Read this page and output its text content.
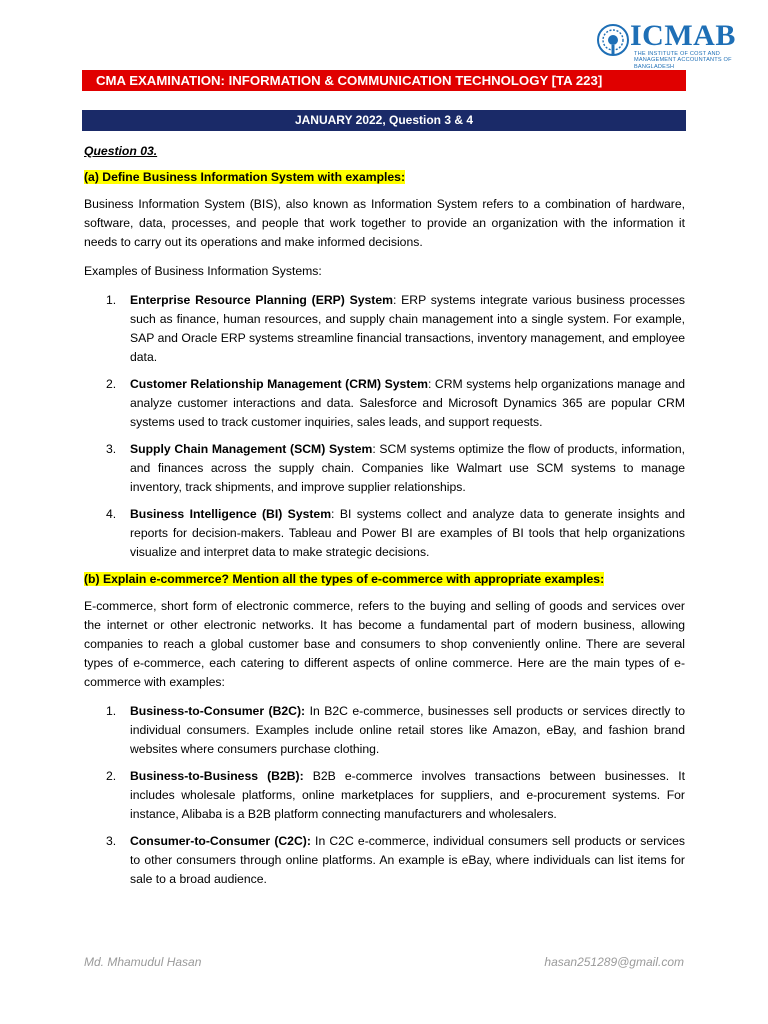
ICMAB
THE INSTITUTE OF COST AND MANAGEMENT ACCOUNTANTS OF BANGLADESH
CMA EXAMINATION: INFORMATION & COMMUNICATION TECHNOLOGY [TA 223]
JANUARY 2022, Question 3 & 4
Question 03.
(a) Define Business Information System with examples:

Business Information System (BIS), also known as Information System refers to a combination of hardware, software, data, processes, and people that work together to provide an organization with the information it needs to carry out its operations and make informed decisions.

Examples of Business Information Systems:

1.	Enterprise Resource Planning (ERP) System: ERP systems integrate various business processes such as finance, human resources, and supply chain management into a single system. For example, SAP and Oracle ERP systems streamline financial transactions, inventory management, and employee data.
2.	Customer Relationship Management (CRM) System: CRM systems help organizations manage and analyze customer interactions and data. Salesforce and Microsoft Dynamics 365 are popular CRM systems used to track customer inquiries, sales leads, and support requests.
3.	Supply Chain Management (SCM) System: SCM systems optimize the flow of products, information, and finances across the supply chain. Companies like Walmart use SCM systems to manage inventory, track shipments, and improve supplier relationships.
4.	Business Intelligence (BI) System: BI systems collect and analyze data to generate insights and reports for decision-makers. Tableau and Power BI are examples of BI tools that help organizations visualize and interpret data to make strategic decisions.
(b) Explain e-commerce? Mention all the types of e-commerce with appropriate examples:

E-commerce, short form of electronic commerce, refers to the buying and selling of goods and services over the internet or other electronic networks. It has become a fundamental part of modern business, allowing companies to reach a global customer base and consumers to shop conveniently online. There are several types of e-commerce, each catering to different aspects of online commerce. Here are the main types of e-commerce with examples:

1.	Business-to-Consumer (B2C): In B2C e-commerce, businesses sell products or services directly to individual consumers. Examples include online retail stores like Amazon, eBay, and fashion brand websites where consumers purchase clothing.
2.	Business-to-Business (B2B): B2B e-commerce involves transactions between businesses. It includes wholesale platforms, online marketplaces for suppliers, and e-procurement systems. For instance, Alibaba is a B2B platform connecting manufacturers and wholesalers.
3.	Consumer-to-Consumer (C2C): In C2C e-commerce, individual consumers sell products or services to other consumers through online platforms. An example is eBay, where individuals can list items for sale to a broad audience.
Md. Mhamudul Hasan	hasan251289@gmail.com
